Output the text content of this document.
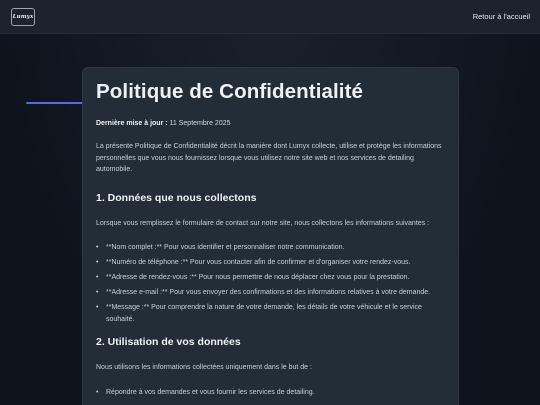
Lumyx	Retour à l'accueil
Politique de Confidentialité
Dernière mise à jour : 11 Septembre 2025

La présente Politique de Confidentialité décrit la manière dont Lumyx collecte, utilise et protège les informations personnelles que vous nous fournissez lorsque vous utilisez notre site web et nos services de detailing automobile.

1. Données que nous collectons

Lorsque vous remplissez le formulaire de contact sur notre site, nous collectons les informations suivantes :

• **Nom complet :** Pour vous identifier et personnaliser notre communication.
• **Numéro de téléphone :** Pour vous contacter afin de confirmer et d'organiser votre rendez-vous.
• **Adresse de rendez-vous :** Pour nous permettre de nous déplacer chez vous pour la prestation.
• **Adresse e-mail :** Pour vous envoyer des confirmations et des informations relatives à votre demande.
• **Message :** Pour comprendre la nature de votre demande, les détails de votre véhicule et le service souhaité.
2. Utilisation de vos données

Nous utilisons les informations collectées uniquement dans le but de :

• Répondre à vos demandes et vous fournir les services de detailing.
